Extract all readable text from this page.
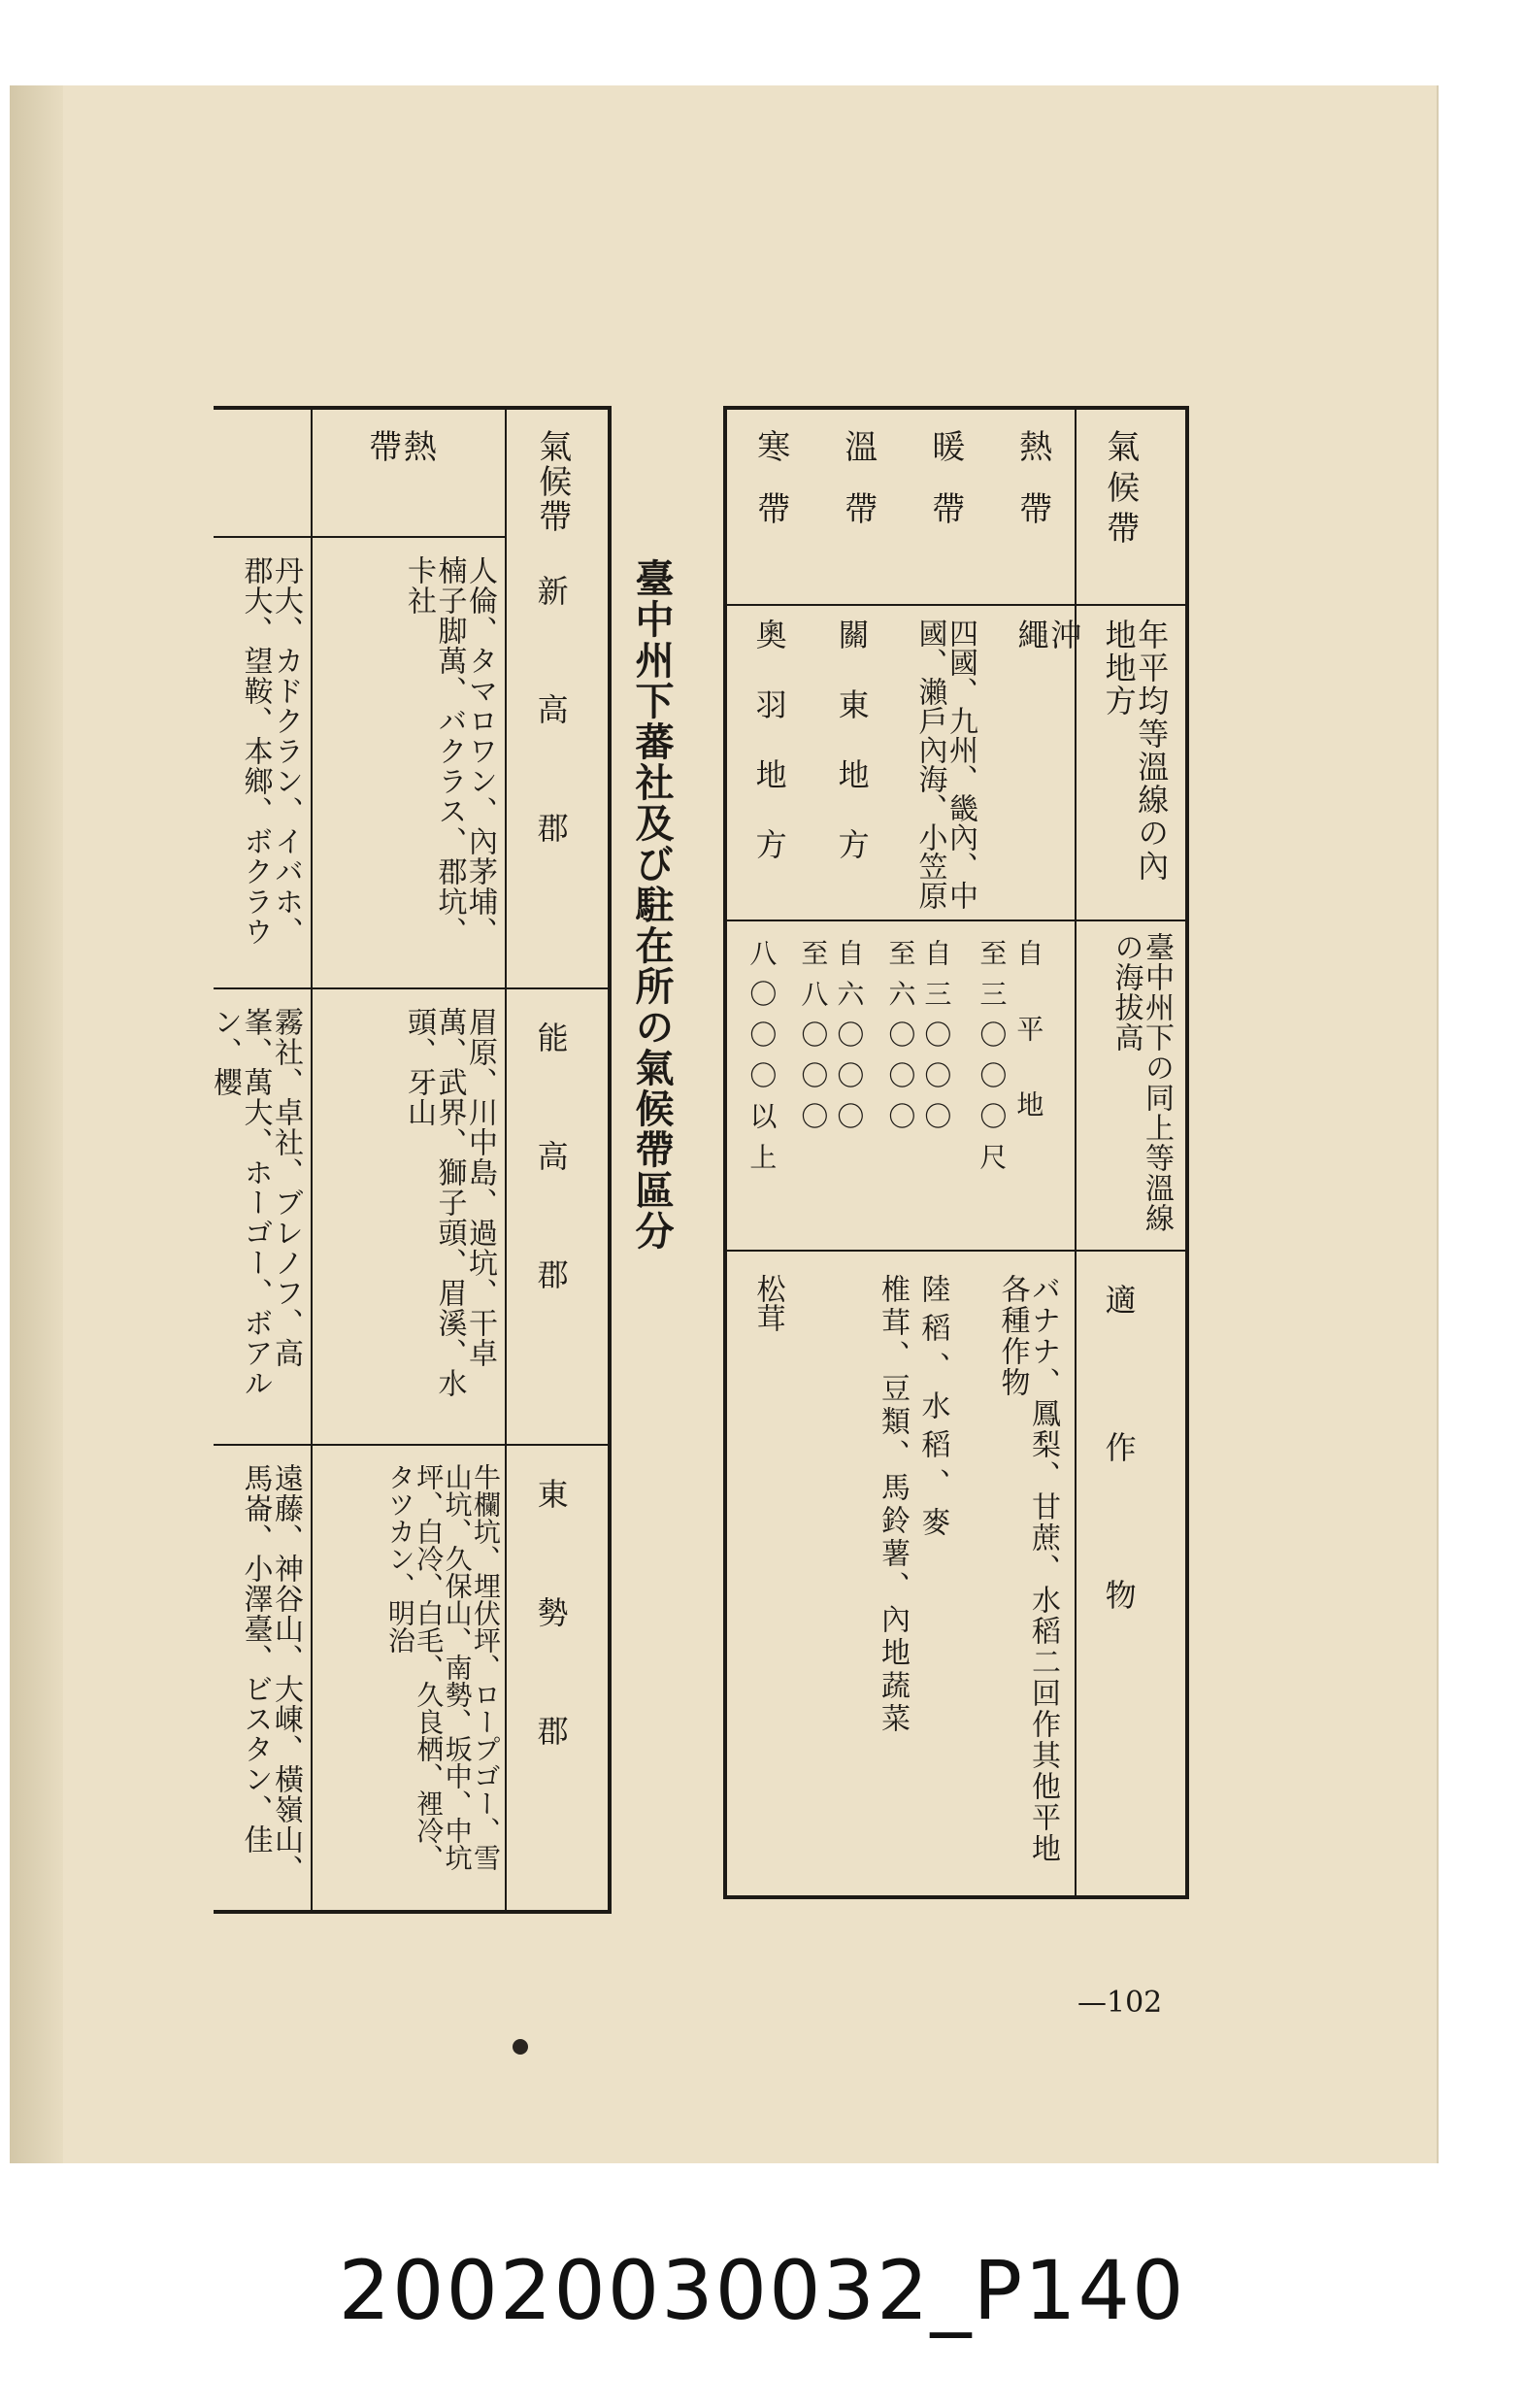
氣候帶
年平均等溫線の內地地方
臺中州下の同上等溫線の海拔高
適作物
熱帶
暖帶
溫帶
寒帶
沖繩
四國、九州、畿內、中國、瀨戶內海、小笠原
關東地方
奧羽地方
自平地
至三〇〇〇尺
自三〇〇〇
至六〇〇〇
自六〇〇〇
至八〇〇〇
八〇〇〇以上
バナナ、鳳梨、甘蔗、水稻二回作其他平地各種作物
陸稻、水稻、麥
椎茸、豆類、馬鈴薯、內地蔬菜
松茸
臺中州下蕃社及び駐在所の氣候帶區分
氣候帶
新高郡
能高郡
東勢郡
熱帶
人倫、タマロワン、內茅埔、楠子脚萬、バクラス、郡坑、卡社
丹大、カドクラン、イバホ、郡大、望鞍、本鄉、ボクラウ
眉原、川中島、過坑、干卓萬、武界、獅子頭、眉溪、水頭、牙山
霧社、卓社、ブレノフ、高峯、萬大、ホーゴー、ボアルン、櫻
牛欄坑、埋伏坪、ロープゴー、雪山坑、久保山、南勢、坂中、中坑坪、白冷、白毛、久良栖、裡冷、タツカン、明治
遠藤、神谷山、大崠、橫嶺山、馬崙、小澤臺、ビスタン、佳
—102
20020030032_P140
